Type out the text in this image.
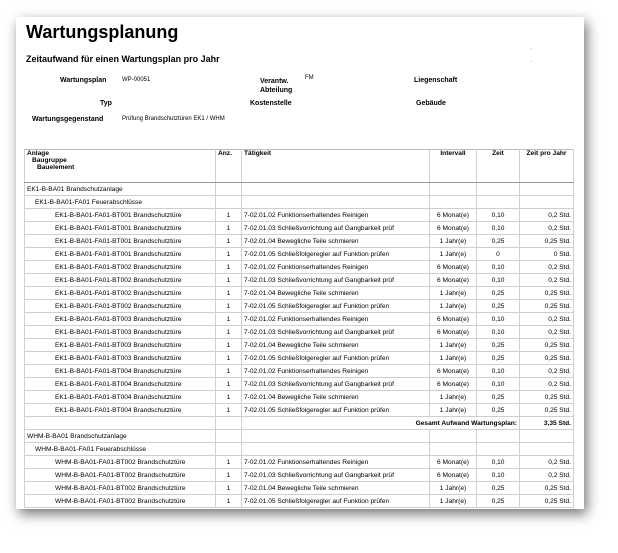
Wartungsplanung
Zeitaufwand für einen Wartungsplan pro Jahr
·
·
Wartungsplan	WP-00051	Verantw. Abteilung
FM	Liegenschaft
Typ	Kostenstelle	Gebäude
Wartungsgegenstand	Prüfung Brandschutztüren EK1 / WHM
Anlage
Baugruppe
Bauelement	Anz.	Tätigkeit	Intervall	Zeit	Zeit pro Jahr
EK1-B-BA01 Brandschutzanlage					
EK1-B-BA01-FA01 Feuerabschlüsse					
EK1-B-BA01-FA01-BT001 Brandschutztüre	1	7-02.01.02 Funktionserhaltendes Reinigen	6 Monat(e)	0,10	0,2 Std.
EK1-B-BA01-FA01-BT001 Brandschutztüre	1	7-02.01.03 Schließvorrichtung auf Gangbarkeit prüf	6 Monat(e)	0,10	0,2 Std.
EK1-B-BA01-FA01-BT001 Brandschutztüre	1	7-02.01.04 Bewegliche Teile schmieren	1 Jahr(e)	0,25	0,25 Std.
EK1-B-BA01-FA01-BT001 Brandschutztüre	1	7-02.01.05 Schließfolgeregler auf Funktion prüfen	1 Jahr(e)	0	0 Std.
EK1-B-BA01-FA01-BT002 Brandschutztüre	1	7-02.01.02 Funktionserhaltendes Reinigen	6 Monat(e)	0,10	0,2 Std.
EK1-B-BA01-FA01-BT002 Brandschutztüre	1	7-02.01.03 Schließvorrichtung auf Gangbarkeit prüf	6 Monat(e)	0,10	0,2 Std.
EK1-B-BA01-FA01-BT002 Brandschutztüre	1	7-02.01.04 Bewegliche Teile schmieren	1 Jahr(e)	0,25	0,25 Std.
EK1-B-BA01-FA01-BT002 Brandschutztüre	1	7-02.01.05 Schließfolgeregler auf Funktion prüfen	1 Jahr(e)	0,25	0,25 Std.
EK1-B-BA01-FA01-BT003 Brandschutztüre	1	7-02.01.02 Funktionserhaltendes Reinigen	6 Monat(e)	0,10	0,2 Std.
EK1-B-BA01-FA01-BT003 Brandschutztüre	1	7-02.01.03 Schließvorrichtung auf Gangbarkeit prüf	6 Monat(e)	0,10	0,2 Std.
EK1-B-BA01-FA01-BT003 Brandschutztüre	1	7-02.01.04 Bewegliche Teile schmieren	1 Jahr(e)	0,25	0,25 Std.
EK1-B-BA01-FA01-BT003 Brandschutztüre	1	7-02.01.05 Schließfolgeregler auf Funktion prüfen	1 Jahr(e)	0,25	0,25 Std.
EK1-B-BA01-FA01-BT004 Brandschutztüre	1	7-02.01.02 Funktionserhaltendes Reinigen	6 Monat(e)	0,10	0,2 Std.
EK1-B-BA01-FA01-BT004 Brandschutztüre	1	7-02.01.03 Schließvorrichtung auf Gangbarkeit prüf	6 Monat(e)	0,10	0,2 Std.
EK1-B-BA01-FA01-BT004 Brandschutztüre	1	7-02.01.04 Bewegliche Teile schmieren	1 Jahr(e)	0,25	0,25 Std.
EK1-B-BA01-FA01-BT004 Brandschutztüre	1	7-02.01.05 Schließfolgeregler auf Funktion prüfen	1 Jahr(e)	0,25	0,25 Std.
		Gesamt Aufwand Wartungsplan:			3,35 Std.
WHM-B-BA01 Brandschutzanlage					
WHM-B-BA01-FA01 Feuerabschlüsse					
WHM-B-BA01-FA01-BT002 Brandschutztüre	1	7-02.01.02 Funktionserhaltendes Reinigen	6 Monat(e)	0,10	0,2 Std.
WHM-B-BA01-FA01-BT002 Brandschutztüre	1	7-02.01.03 Schließvorrichtung auf Gangbarkeit prüf	6 Monat(e)	0,10	0,2 Std.
WHM-B-BA01-FA01-BT002 Brandschutztüre	1	7-02.01.04 Bewegliche Teile schmieren	1 Jahr(e)	0,25	0,25 Std.
WHM-B-BA01-FA01-BT002 Brandschutztüre	1	7-02.01.05 Schließfolgeregler auf Funktion prüfen	1 Jahr(e)	0,25	0,25 Std.
